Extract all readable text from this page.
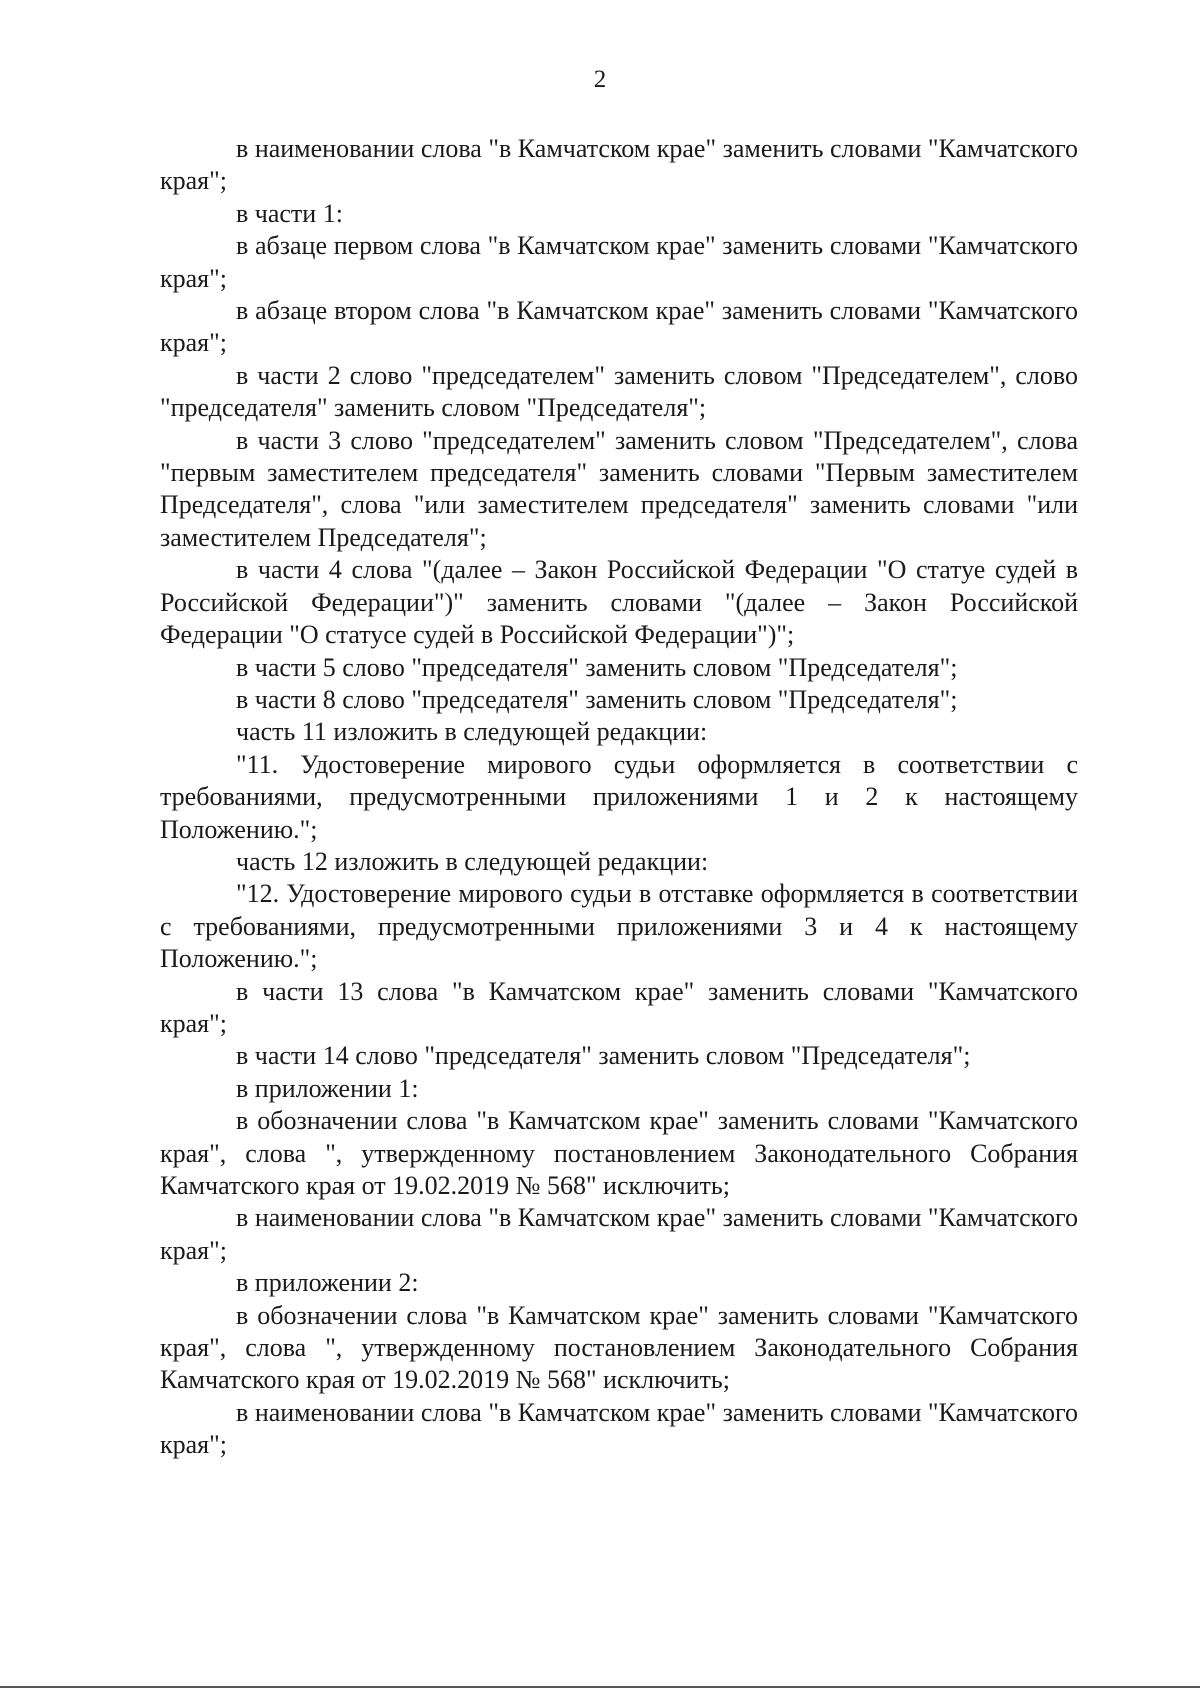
2

в наименовании слова "в Камчатском крае" заменить словами "Камчатского края";

в части 1:

в абзаце первом слова "в Камчатском крае" заменить словами "Камчатского края";

в абзаце втором слова "в Камчатском крае" заменить словами "Камчатского края";

в части 2 слово "председателем" заменить словом "Председателем", слово "председателя" заменить словом "Председателя";

в части 3 слово "председателем" заменить словом "Председателем", слова "первым заместителем председателя" заменить словами "Первым заместителем Председателя", слова "или заместителем председателя" заменить словами "или заместителем Председателя";

в части 4 слова "(далее – Закон Российской Федерации "О статуе судей в Российской Федерации")" заменить словами "(далее – Закон Российской Федерации "О статусе судей в Российской Федерации")";

в части 5 слово "председателя" заменить словом "Председателя";

в части 8 слово "председателя" заменить словом "Председателя";

часть 11 изложить в следующей редакции:

"11. Удостоверение мирового судьи оформляется в соответствии с требованиями, предусмотренными приложениями 1 и 2 к настоящему Положению.";

часть 12 изложить в следующей редакции:

"12. Удостоверение мирового судьи в отставке оформляется в соответствии с требованиями, предусмотренными приложениями 3 и 4 к настоящему Положению.";

в части 13 слова "в Камчатском крае" заменить словами "Камчатского края";

в части 14 слово "председателя" заменить словом "Председателя";

в приложении 1:

в обозначении слова "в Камчатском крае" заменить словами "Камчатского края", слова ", утвержденному постановлением Законодательного Собрания Камчатского края от 19.02.2019 № 568" исключить;

в наименовании слова "в Камчатском крае" заменить словами "Камчатского края";

в приложении 2:

в обозначении слова "в Камчатском крае" заменить словами "Камчатского края", слова ", утвержденному постановлением Законодательного Собрания Камчатского края от 19.02.2019 № 568" исключить;

в наименовании слова "в Камчатском крае" заменить словами "Камчатского края";
